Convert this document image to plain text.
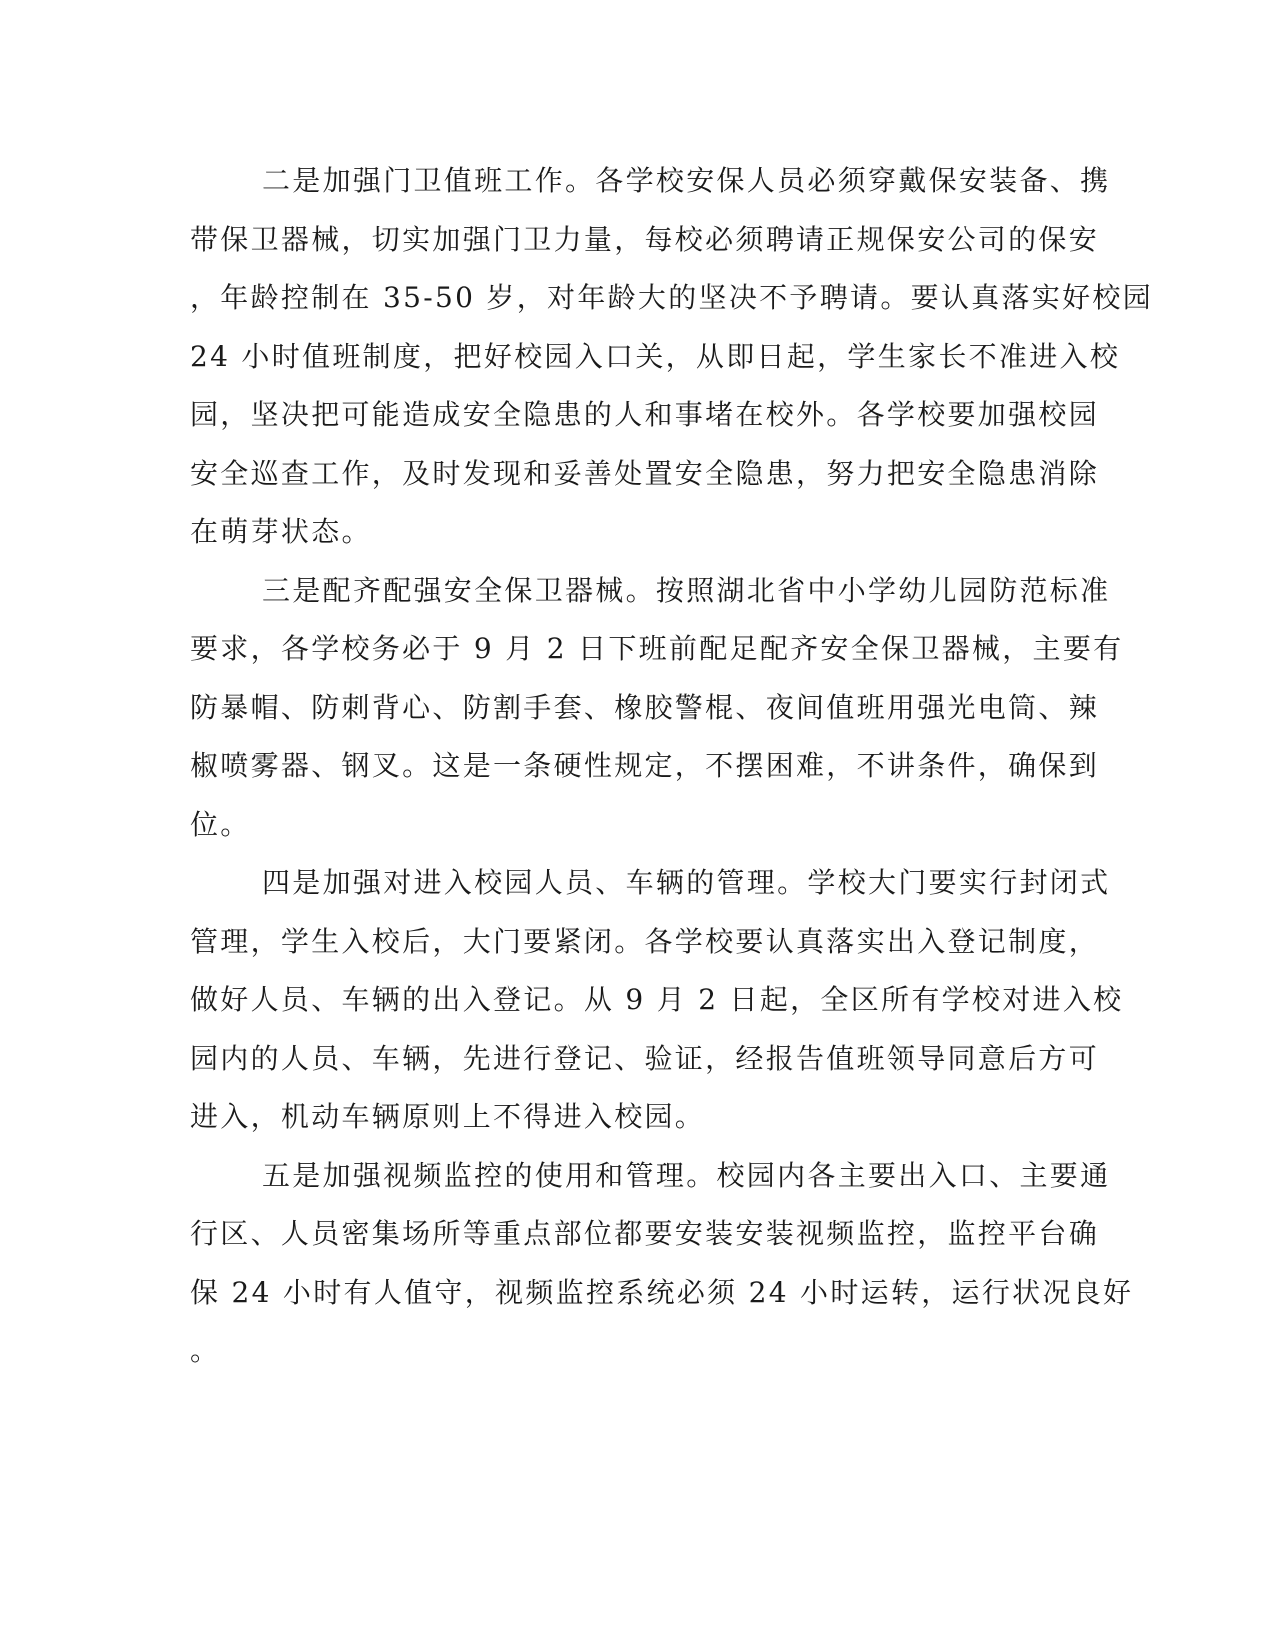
二是加强门卫值班工作。各学校安保人员必须穿戴保安装备、携
带保卫器械，切实加强门卫力量，每校必须聘请正规保安公司的保安
，年龄控制在 35-50 岁，对年龄大的坚决不予聘请。要认真落实好校园
24 小时值班制度，把好校园入口关，从即日起，学生家长不准进入校
园，坚决把可能造成安全隐患的人和事堵在校外。各学校要加强校园
安全巡查工作，及时发现和妥善处置安全隐患，努力把安全隐患消除
在萌芽状态。
三是配齐配强安全保卫器械。按照湖北省中小学幼儿园防范标准
要求，各学校务必于 9 月 2 日下班前配足配齐安全保卫器械，主要有
防暴帽、防刺背心、防割手套、橡胶警棍、夜间值班用强光电筒、辣
椒喷雾器、钢叉。这是一条硬性规定，不摆困难，不讲条件，确保到
位。
四是加强对进入校园人员、车辆的管理。学校大门要实行封闭式
管理，学生入校后，大门要紧闭。各学校要认真落实出入登记制度，
做好人员、车辆的出入登记。从 9 月 2 日起，全区所有学校对进入校
园内的人员、车辆，先进行登记、验证，经报告值班领导同意后方可
进入，机动车辆原则上不得进入校园。
五是加强视频监控的使用和管理。校园内各主要出入口、主要通
行区、人员密集场所等重点部位都要安装安装视频监控，监控平台确
保 24 小时有人值守，视频监控系统必须 24 小时运转，运行状况良好
。
